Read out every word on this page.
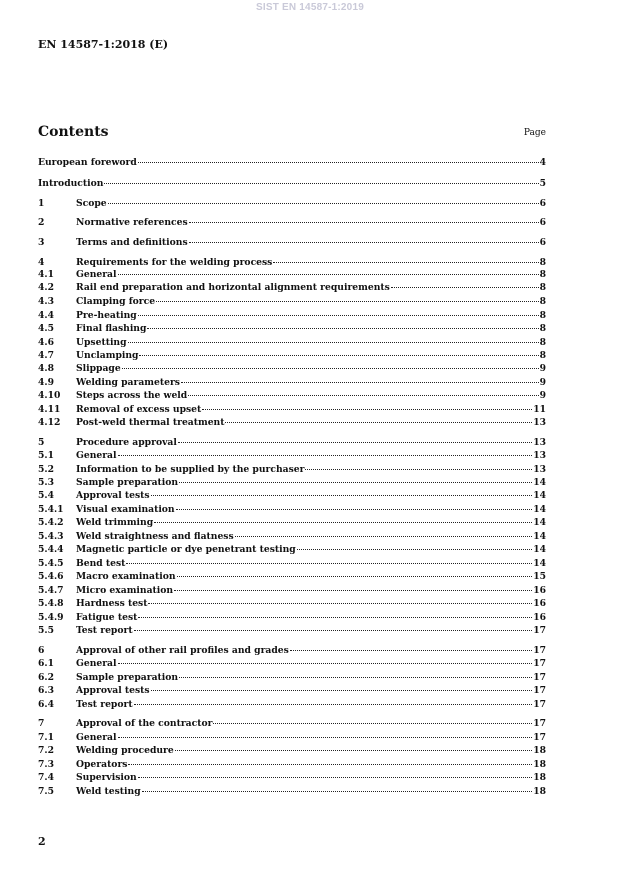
SIST EN 14587-1:2019
EN 14587-1:2018 (E)
Contents	Page
European foreword	4
Introduction	5
1	Scope	6
2	Normative references	6
3	Terms and definitions	6
4	Requirements for the welding process	8
4.1	General	8
4.2	Rail end preparation and horizontal alignment requirements	8
4.3	Clamping force	8
4.4	Pre-heating	8
4.5	Final flashing	8
4.6	Upsetting	8
4.7	Unclamping	8
4.8	Slippage	9
4.9	Welding parameters	9
4.10	Steps across the weld	9
4.11	Removal of excess upset	11
4.12	Post-weld thermal treatment	13
5	Procedure approval	13
5.1	General	13
5.2	Information to be supplied by the purchaser	13
5.3	Sample preparation	14
5.4	Approval tests	14
5.4.1	Visual examination	14
5.4.2	Weld trimming	14
5.4.3	Weld straightness and flatness	14
5.4.4	Magnetic particle or dye penetrant testing	14
5.4.5	Bend test	14
5.4.6	Macro examination	15
5.4.7	Micro examination	16
5.4.8	Hardness test	16
5.4.9	Fatigue test	16
5.5	Test report	17
6	Approval of other rail profiles and grades	17
6.1	General	17
6.2	Sample preparation	17
6.3	Approval tests	17
6.4	Test report	17
7	Approval of the contractor	17
7.1	General	17
7.2	Welding procedure	18
7.3	Operators	18
7.4	Supervision	18
7.5	Weld testing	18
2
